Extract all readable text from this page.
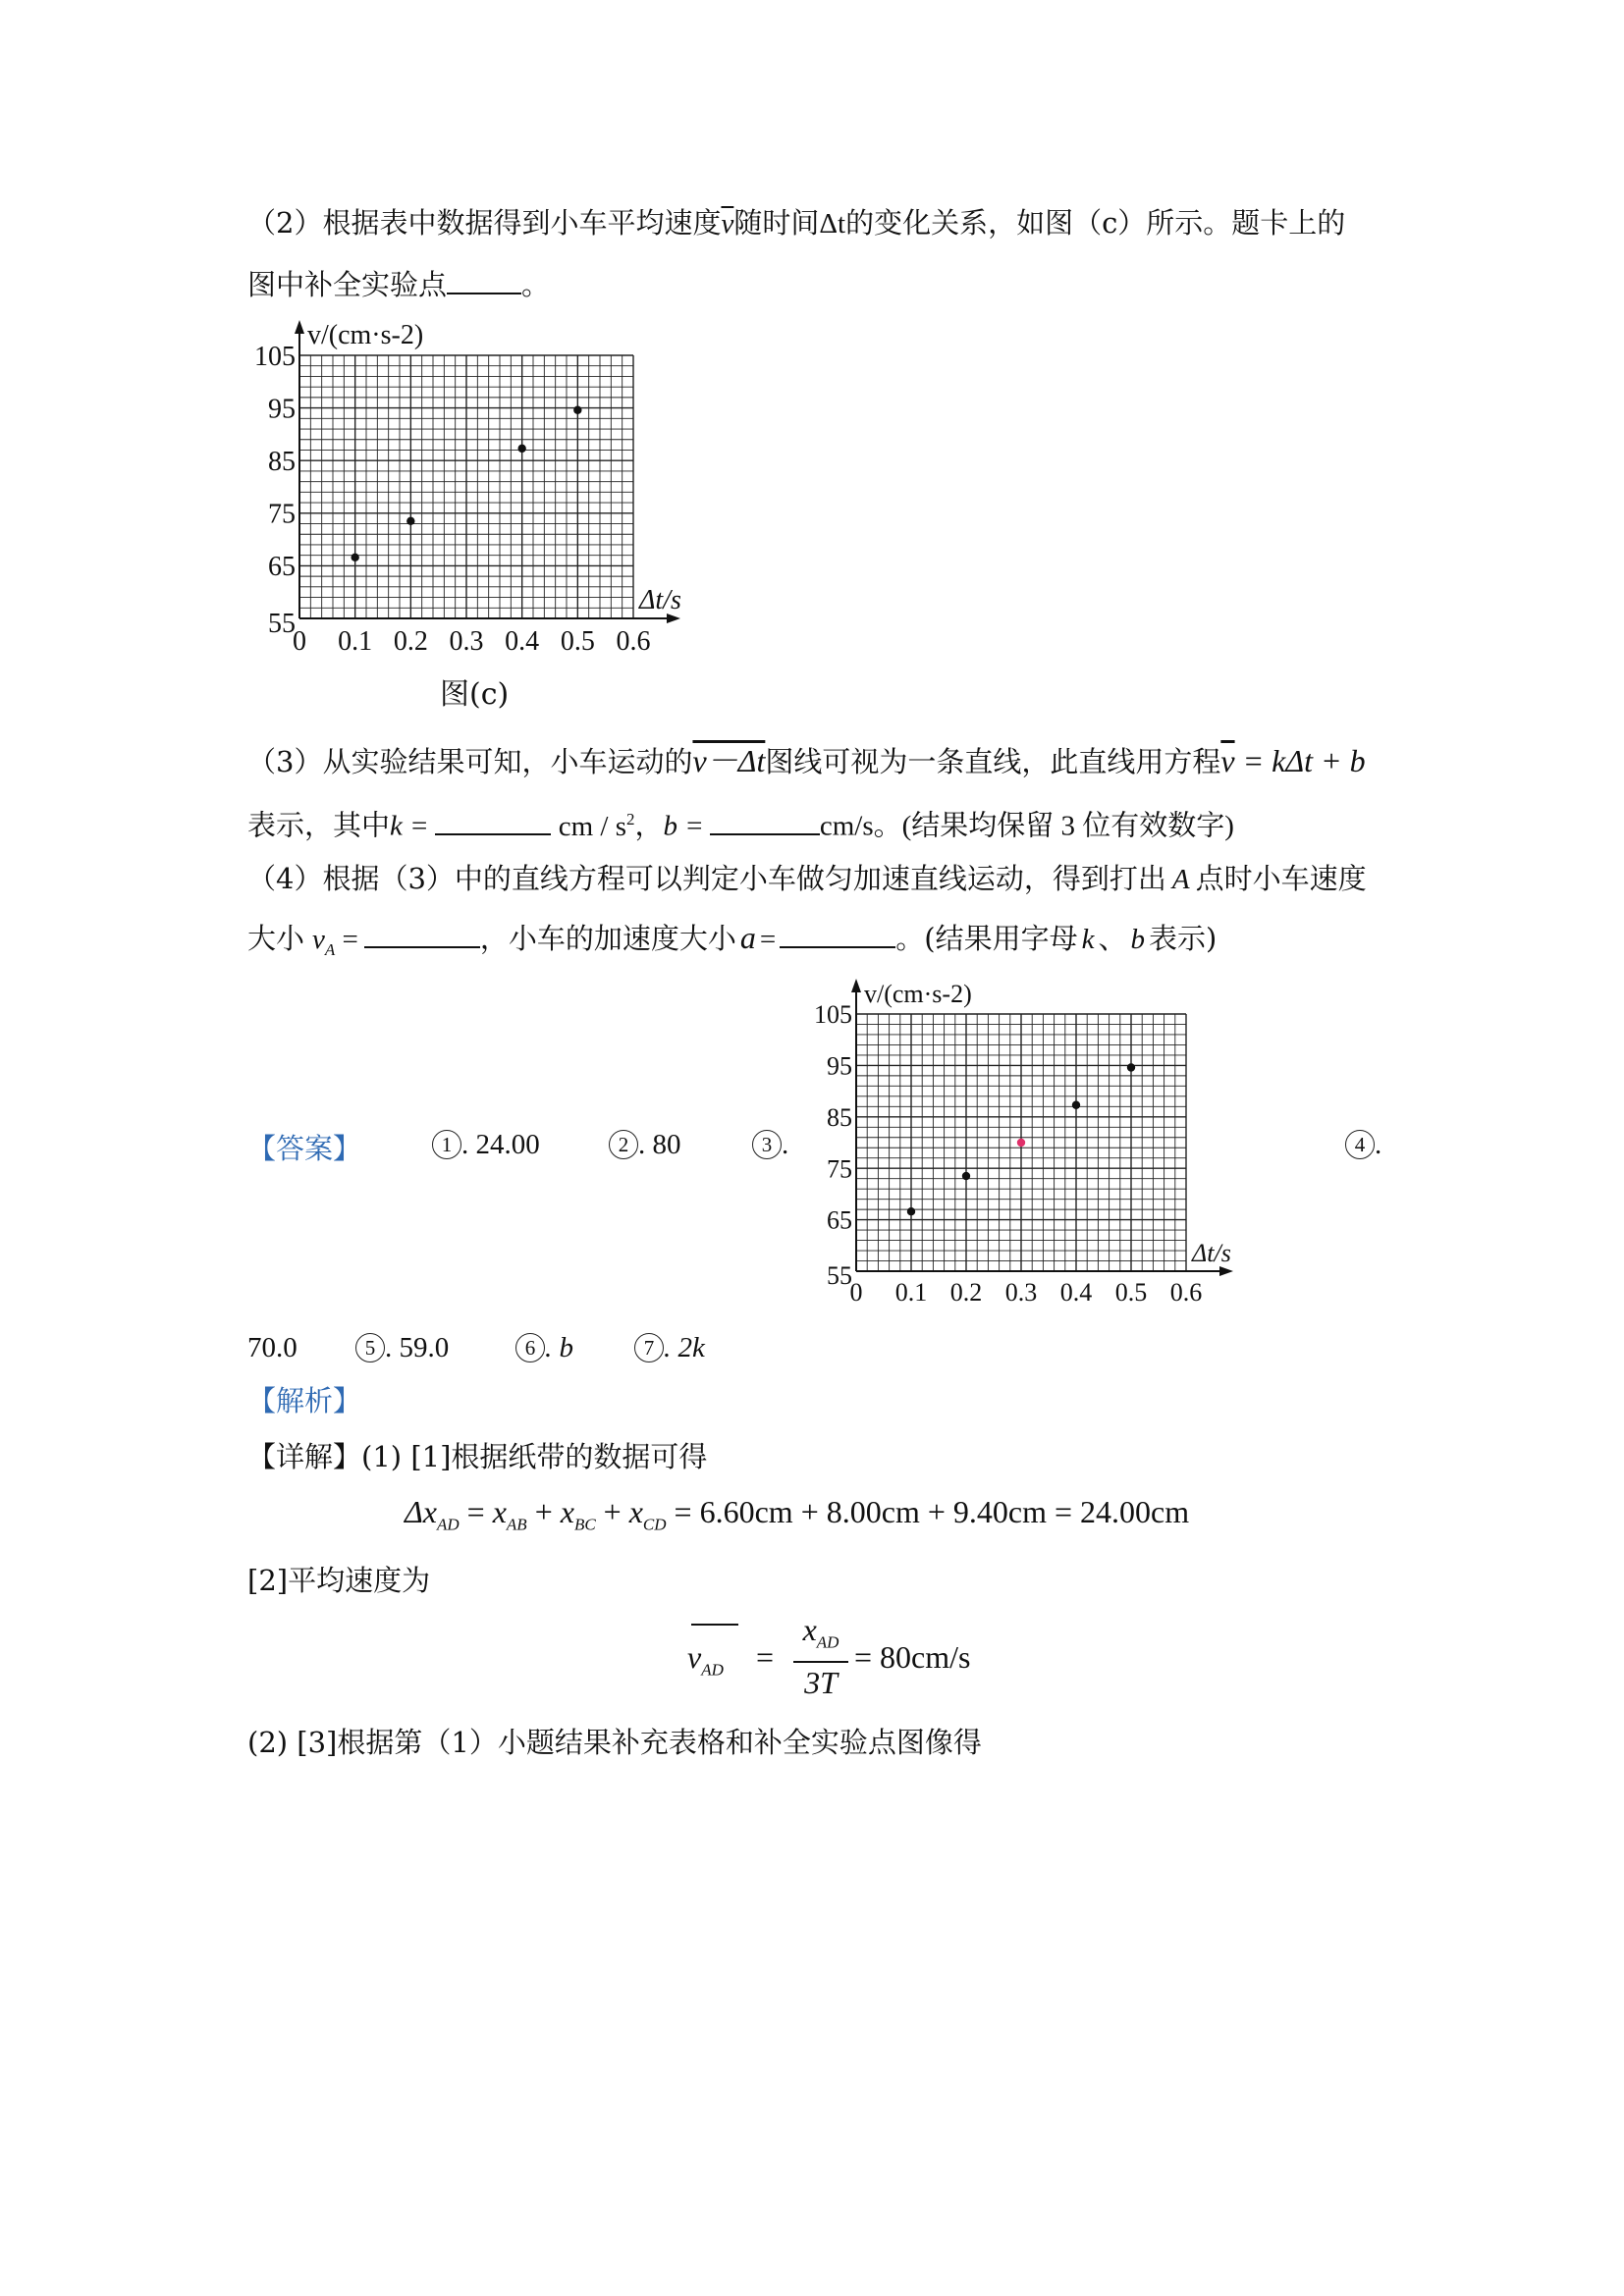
（2）根据表中数据得到小车平均速度$\overline{v}$随时间Δt的变化关系，如图（c）所示。题卡上的
图中补全实验点	。
0 0.1 0.2 0.3 0.4 0.5 0.6
55
65
75
85
95
105
Δt/s
v/(cm·s-2)
图(c)
（3）从实验结果可知，小车运动的v－Δt图线可视为一条直线，此直线用方程$\overline{v} = k\Delta t + b$
表示，其中k =	cm / $s^2$，b =	cm/s。(结果均保留 3 位有效数字)
（4）根据（3）中的直线方程可以判定小车做匀加速直线运动，得到打出 A 点时小车速度
大小 $v_A$ =	，小车的加速度大小 a =	。(结果用字母 k 、 b 表示)
【答案】	1 . 24.00	2 . 80	3 .
0 0.1 0.2 0.3 0.4 0.5 0.6
55
65
75
85
95
105
Δt/s
v/(cm·s-2)
4 .
70.0	5 . 59.0	6 . b	7 . 2k
【解析】
【详解】(1) [1]根据纸带的数据可得
$\Delta x_{AD} = x_{AB} + x_{BC} + x_{CD} = 6.60cm + 8.00cm + 9.40cm = 24.00cm$
[2]平均速度为
$v_{AD}$ =
$x_{AD}$
3T
= 80cm/s
(2) [3]根据第（1）小题结果补充表格和补全实验点图像得
